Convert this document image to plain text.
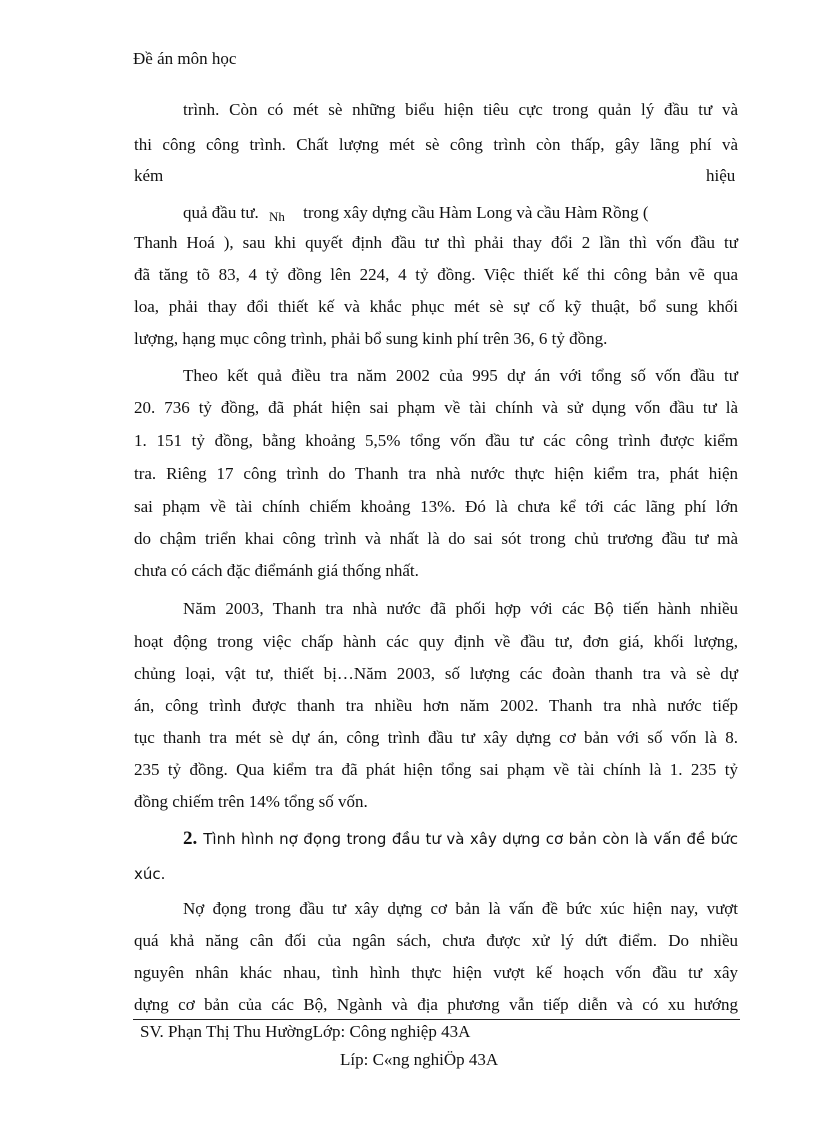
Đề án môn học
trình. Còn có mét sè những biểu hiện tiêu cực trong quản lý đầu tư và
thi công công trình. Chất lượng mét sè công trình còn thấp, gây lãng phí và
kém	hiệu
quả đầu tư. Nh trong xây dựng cầu Hàm Long và cầu Hàm Rồng (
Thanh Hoá ), sau khi quyết định đầu tư thì phải thay đổi 2 lần thì vốn đầu tư
đã tăng tõ 83, 4 tỷ đồng lên 224, 4 tỷ đồng. Việc thiết kế thi công bản vẽ qua
loa, phải thay đổi thiết kế và khắc phục mét sè sự cố kỹ thuật, bổ sung khối
lượng, hạng mục công trình, phải bổ sung kinh phí trên 36, 6 tỷ đồng.
Theo kết quả điều tra năm 2002 của 995 dự án với tổng số vốn đầu tư
20. 736 tỷ đồng, đã phát hiện sai phạm về tài chính và sử dụng vốn đầu tư là
1. 151 tỷ đồng, bằng khoảng 5,5% tổng vốn đầu tư các công trình được kiểm
tra. Riêng 17 công trình do Thanh tra nhà nước thực hiện kiểm tra, phát hiện
sai phạm về tài chính chiếm khoảng 13%. Đó là chưa kể tới các lãng phí lớn
do chậm triển khai công trình và nhất là do sai sót trong chủ trương đầu tư mà
chưa có cách đặc điểmánh giá thống nhất.
Năm 2003, Thanh tra nhà nước đã phối hợp với các Bộ tiến hành nhiều
hoạt động trong việc chấp hành các quy định về đầu tư, đơn giá, khối lượng,
chủng loại, vật tư, thiết bị…Năm 2003, số lượng các đoàn thanh tra và sè dự
án, công trình được thanh tra nhiều hơn năm 2002. Thanh tra nhà nước tiếp
tục thanh tra mét sè dự án, công trình đầu tư xây dựng cơ bản với số vốn là 8.
235 tỷ đồng. Qua kiểm tra đã phát hiện tổng sai phạm về tài chính là 1. 235 tỷ
đồng chiếm trên 14% tổng số vốn.
2. Tình hình nợ đọng trong đầu tư và xây dựng cơ bản còn là vấn đề bức
xúc.
Nợ đọng trong đầu tư xây dựng cơ bản là vấn đề bức xúc hiện nay, vượt
quá khả năng cân đối của ngân sách, chưa được xử lý dứt điểm. Do nhiều
nguyên nhân khác nhau, tình hình thực hiện vượt kế hoạch vốn đầu tư xây
dựng cơ bản của các Bộ, Ngành và địa phương vẫn tiếp diễn và có xu hướng
SV. Phạn Thị Thu HườngLớp: Công nghiệp 43A
Líp: C«ng nghiÖp 43A
